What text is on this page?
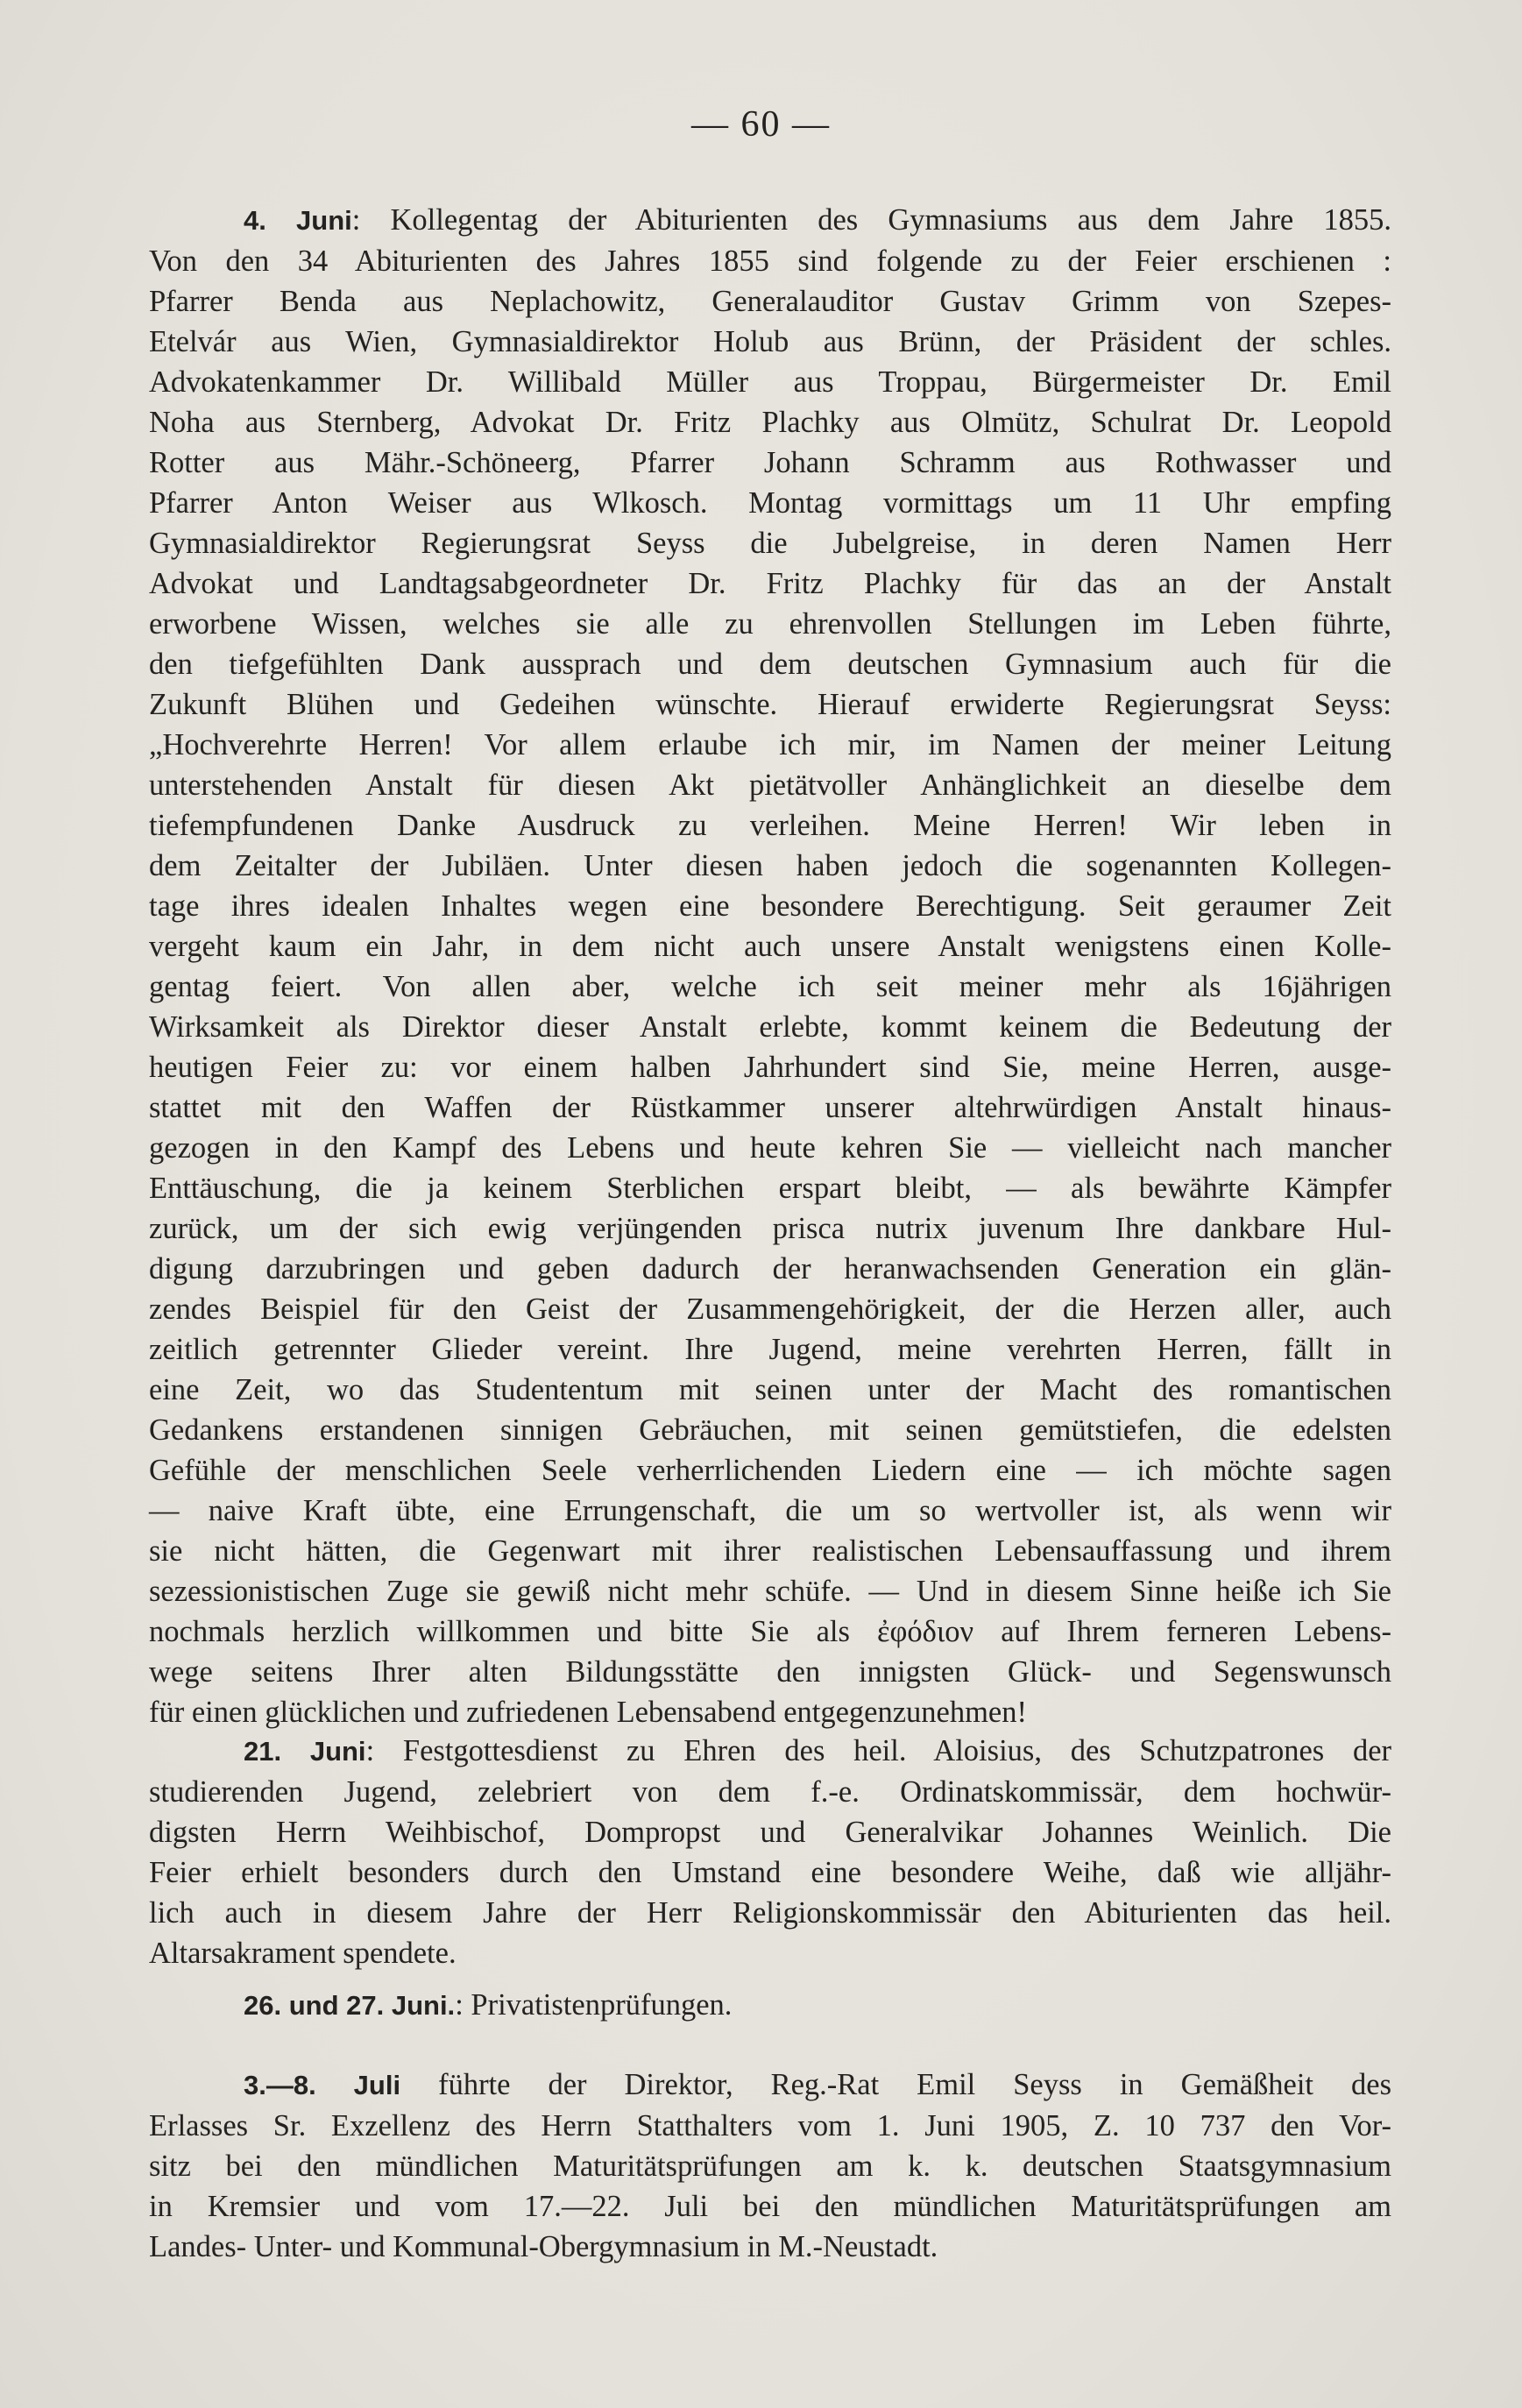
— 60 —

4. Juni: Kollegentag der Abiturienten des Gymnasiums aus dem Jahre 1855.
Von den 34 Abiturienten des Jahres 1855 sind folgende zu der Feier erschienen :
Pfarrer Benda aus Neplachowitz, Generalauditor Gustav Grimm von Szepes-
Etelvár aus Wien, Gymnasialdirektor Holub aus Brünn, der Präsident der schles.
Advokatenkammer Dr. Willibald Müller aus Troppau, Bürgermeister Dr. Emil
Noha aus Sternberg, Advokat Dr. Fritz Plachky aus Olmütz, Schulrat Dr. Leopold
Rotter aus Mähr.-Schöneerg, Pfarrer Johann Schramm aus Rothwasser und
Pfarrer Anton Weiser aus Wlkosch. Montag vormittags um 11 Uhr empfing
Gymnasialdirektor Regierungsrat Seyss die Jubelgreise, in deren Namen Herr
Advokat und Landtagsabgeordneter Dr. Fritz Plachky für das an der Anstalt
erworbene Wissen, welches sie alle zu ehrenvollen Stellungen im Leben führte,
den tiefgefühlten Dank aussprach und dem deutschen Gymnasium auch für die
Zukunft Blühen und Gedeihen wünschte. Hierauf erwiderte Regierungsrat Seyss:
„Hochverehrte Herren! Vor allem erlaube ich mir, im Namen der meiner Leitung
unterstehenden Anstalt für diesen Akt pietätvoller Anhänglichkeit an dieselbe dem
tiefempfundenen Danke Ausdruck zu verleihen. Meine Herren! Wir leben in
dem Zeitalter der Jubiläen. Unter diesen haben jedoch die sogenannten Kollegen-
tage ihres idealen Inhaltes wegen eine besondere Berechtigung. Seit geraumer Zeit
vergeht kaum ein Jahr, in dem nicht auch unsere Anstalt wenigstens einen Kolle-
gentag feiert. Von allen aber, welche ich seit meiner mehr als 16jährigen
Wirksamkeit als Direktor dieser Anstalt erlebte, kommt keinem die Bedeutung der
heutigen Feier zu: vor einem halben Jahrhundert sind Sie, meine Herren, ausge-
stattet mit den Waffen der Rüstkammer unserer altehrwürdigen Anstalt hinaus-
gezogen in den Kampf des Lebens und heute kehren Sie — vielleicht nach mancher
Enttäuschung, die ja keinem Sterblichen erspart bleibt, — als bewährte Kämpfer
zurück, um der sich ewig verjüngenden prisca nutrix juvenum Ihre dankbare Hul-
digung darzubringen und geben dadurch der heranwachsenden Generation ein glän-
zendes Beispiel für den Geist der Zusammengehörigkeit, der die Herzen aller, auch
zeitlich getrennter Glieder vereint. Ihre Jugend, meine verehrten Herren, fällt in
eine Zeit, wo das Studententum mit seinen unter der Macht des romantischen
Gedankens erstandenen sinnigen Gebräuchen, mit seinen gemütstiefen, die edelsten
Gefühle der menschlichen Seele verherrlichenden Liedern eine — ich möchte sagen
— naive Kraft übte, eine Errungenschaft, die um so wertvoller ist, als wenn wir
sie nicht hätten, die Gegenwart mit ihrer realistischen Lebensauffassung und ihrem
sezessionistischen Zuge sie gewiß nicht mehr schüfe. — Und in diesem Sinne heiße ich Sie
nochmals herzlich willkommen und bitte Sie als ἐφόδιον auf Ihrem ferneren Lebens-
wege seitens Ihrer alten Bildungsstätte den innigsten Glück- und Segenswunsch
für einen glücklichen und zufriedenen Lebensabend entgegenzunehmen!

21. Juni: Festgottesdienst zu Ehren des heil. Aloisius, des Schutzpatrones der
studierenden Jugend, zelebriert von dem f.-e. Ordinatskommissär, dem hochwür-
digsten Herrn Weihbischof, Dompropst und Generalvikar Johannes Weinlich. Die
Feier erhielt besonders durch den Umstand eine besondere Weihe, daß wie alljähr-
lich auch in diesem Jahre der Herr Religionskommissär den Abiturienten das heil.
Altarsakrament spendete.

26. und 27. Juni.: Privatistenprüfungen.

3.—8. Juli führte der Direktor, Reg.-Rat Emil Seyss in Gemäßheit des
Erlasses Sr. Exzellenz des Herrn Statthalters vom 1. Juni 1905, Z. 10 737 den Vor-
sitz bei den mündlichen Maturitätsprüfungen am k. k. deutschen Staatsgymnasium
in Kremsier und vom 17.—22. Juli bei den mündlichen Maturitätsprüfungen am
Landes- Unter- und Kommunal-Obergymnasium in M.-Neustadt.
